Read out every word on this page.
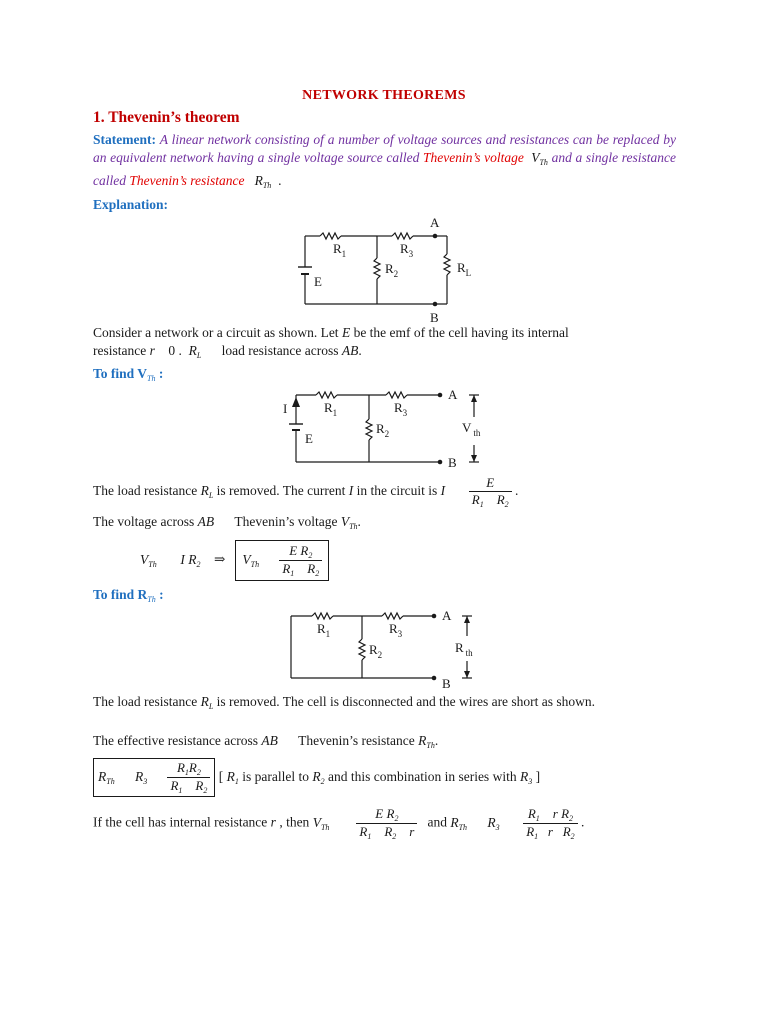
NETWORK THEOREMS
1. Thevenin’s theorem
Statement: A linear network consisting of a number of voltage sources and resistances can be replaced by an equivalent network having a single voltage source called Thevenin’s voltage $V_{Th}$ and a single resistance called Thevenin’s resistance $R_{Th}$ .
Explanation:
A
B
E
$R_1$	$R_3$
$R_2$	$R_L$
Consider a network or a circuit as shown. Let E be the emf of the cell having its internal
resistance r 0 . $R_L$ load resistance across AB.
To find $V_{Th}$ :
I
A
B
E
$R_1$	$R_3$
$R_2$	V $_{th}$
The load resistance $R_L$ is removed. The current I in the circuit is I $\frac{E}{R_1 R_2}$ .
The voltage across AB Thevenin’s voltage $V_{Th}$.
$V_{Th}$ I $R_2$ ⇒ $V_{Th} \frac{E R_2}{R_1 R_2}$
To find $R_{Th}$ :
A
B
$R_1$	$R_3$
$R_2$	R $_{th}$
The load resistance $R_L$ is removed. The cell is disconnected and the wires are short as shown.
The effective resistance across AB Thevenin’s resistance $R_{Th}$.
$R_{Th}$ $R_3 \frac{R_1R_2}{R_1 R_2}$ [ $R_1$ is parallel to $R_2$ and this combination in series with $R_3$ ]
If the cell has internal resistance r , then $V_{Th} \frac{E R_2}{R_1 R_2 r}$ and $R_{Th}$ $R_3 \frac{R_1 r R_2}{R_1 r R_2}$ .
